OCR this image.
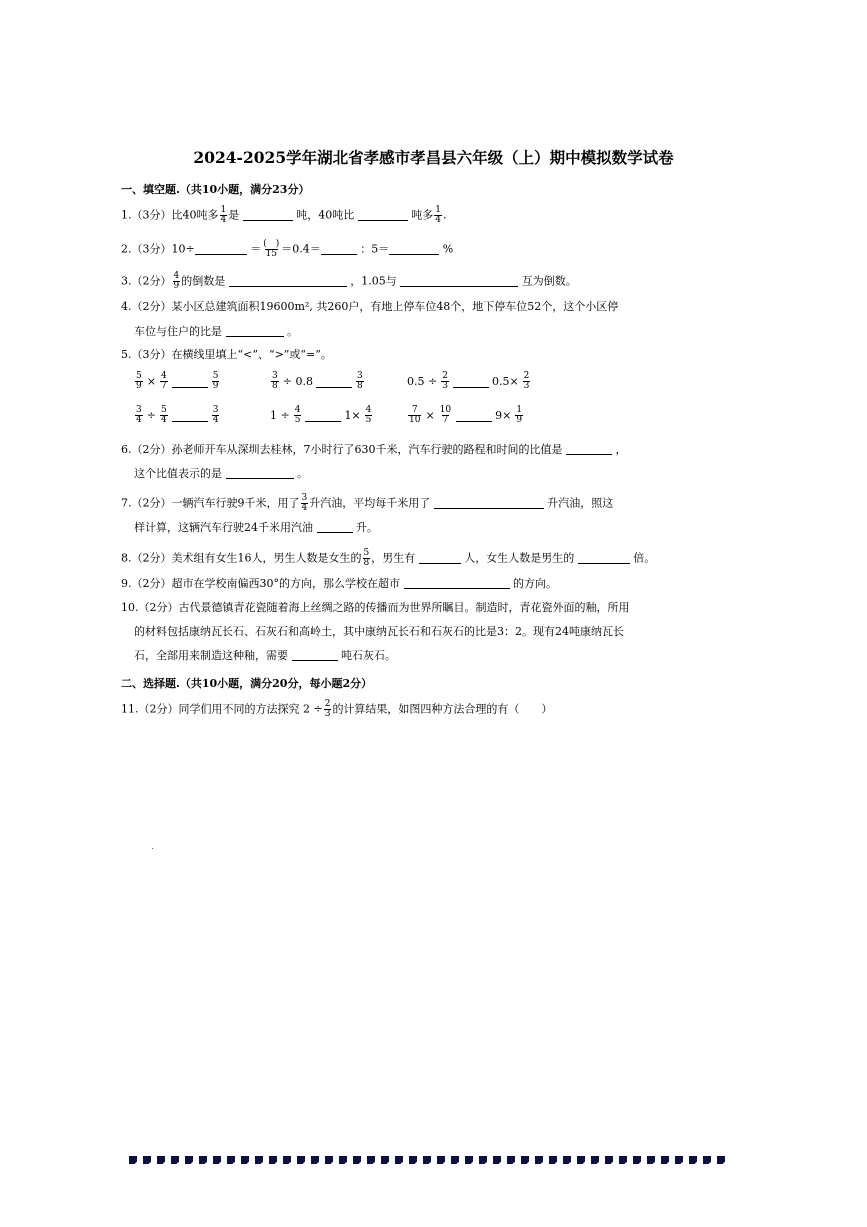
2024-2025学年湖北省孝感市孝昌县六年级（上）期中模拟数学试卷
一、填空题.（共10小题，满分23分）
1.（3分）比40吨多 $\frac{1}{4}$ 是	吨，40吨比	吨多 $\frac{1}{4}$ .
2.（3分）10÷	＝ $\frac{( )}{15} =0.4=$	：5＝	%
3.（2分） $\frac{4}{9}$ 的倒数是	，1.05与	互为倒数。
4.（2分）某小区总建筑面积19600m², 共260户，有地上停车位48个，地下停车位52个，这个小区停
车位与住户的比是	。
5.（3分）在横线里填上“<”、“>”或“=”。
$\frac{5}{9} \times \frac{4}{7}$	$\frac{5}{9}$	$\frac{3}{8} \div 0.8$	$\frac{3}{8}$	$0.5 \div \frac{2}{3}$	$0.5\times \frac{2}{3}$
$\frac{3}{4} \div \frac{5}{4}$	$\frac{3}{4}$	$1 \div \frac{4}{5}$	$1\times \frac{4}{5}$	$\frac{7}{10} \times \frac{10}{7}$	$9\times \frac{1}{9}$
6.（2分）孙老师开车从深圳去桂林，7小时行了630千米，汽车行驶的路程和时间的比值是	，
这个比值表示的是	。
7.（2分）一辆汽车行驶9千米，用了 $\frac{3}{4}$ 升汽油，平均每千米用了	升汽油，照这
样计算，这辆汽车行驶24千米用汽油	升。
8.（2分）美术组有女生16人，男生人数是女生的 $\frac{5}{8}$ ，男生有	人，女生人数是男生的	倍。
9.（2分）超市在学校南偏西30°的方向，那么学校在超市	的方向。
10.（2分）古代景德镇青花瓷随着海上丝绸之路的传播而为世界所瞩目。制造时，青花瓷外面的釉，所用
的材料包括康纳瓦长石、石灰石和高岭土，其中康纳瓦长石和石灰石的比是3：2。现有24吨康纳瓦长
石，全部用来制造这种釉，需要	吨石灰石。
二、选择题.（共10小题，满分20分，每小题2分）
11.（2分）同学们用不同的方法探究 $2 \div \frac{2}{3}$ 的计算结果，如图四种方法合理的有（　　）
